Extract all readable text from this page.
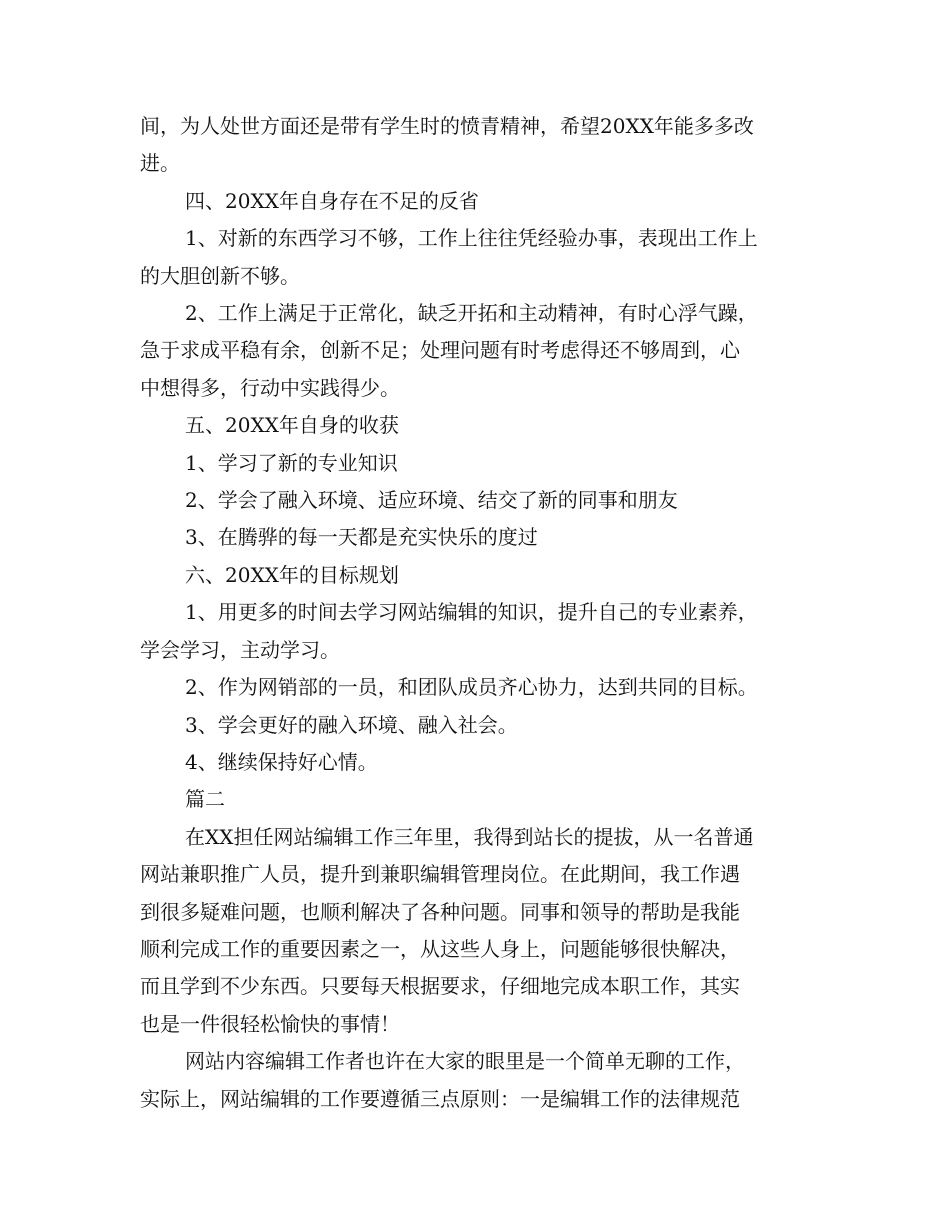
间，为人处世方面还是带有学生时的愤青精神，希望20XX年能多多改
进。
四、20XX年自身存在不足的反省
1、对新的东西学习不够，工作上往往凭经验办事，表现出工作上
的大胆创新不够。
2、工作上满足于正常化，缺乏开拓和主动精神，有时心浮气躁，
急于求成平稳有余，创新不足；处理问题有时考虑得还不够周到，心
中想得多，行动中实践得少。
五、20XX年自身的收获
1、学习了新的专业知识
2、学会了融入环境、适应环境、结交了新的同事和朋友
3、在腾骅的每一天都是充实快乐的度过
六、20XX年的目标规划
1、用更多的时间去学习网站编辑的知识，提升自己的专业素养，
学会学习，主动学习。
2、作为网销部的一员，和团队成员齐心协力，达到共同的目标。
3、学会更好的融入环境、融入社会。
4、继续保持好心情。
篇二
在XX担任网站编辑工作三年里，我得到站长的提拔，从一名普通
网站兼职推广人员，提升到兼职编辑管理岗位。在此期间，我工作遇
到很多疑难问题，也顺利解决了各种问题。同事和领导的帮助是我能
顺利完成工作的重要因素之一，从这些人身上，问题能够很快解决，
而且学到不少东西。只要每天根据要求，仔细地完成本职工作，其实
也是一件很轻松愉快的事情！
网站内容编辑工作者也许在大家的眼里是一个简单无聊的工作，
实际上，网站编辑的工作要遵循三点原则：一是编辑工作的法律规范
